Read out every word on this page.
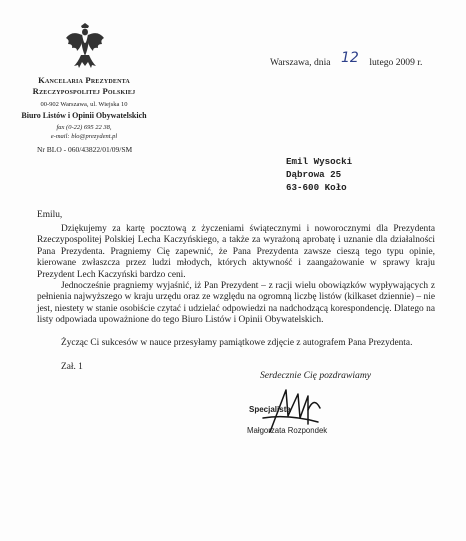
Kancelaria Prezydenta
Rzeczypospolitej Polskiej
00-902 Warszawa, ul. Wiejska 10
Biuro Listów i Opinii Obywatelskich
fax (0-22) 695 22 38,
e-mail: blo@prezydent.pl
Nr BLO - 060/43822/01/09/SM
Warszawa, dnia 12 lutego 2009 r.
Emil Wysocki
Dąbrowa 25
63-600 Koło
Emilu,
Dziękujemy za kartę pocztową z życzeniami świątecznymi i noworocznymi dla Prezydenta Rzeczypospolitej Polskiej Lecha Kaczyńskiego, a także za wyrażoną aprobatę i uznanie dla działalności Pana Prezydenta. Pragniemy Cię zapewnić, że Pana Prezydenta zawsze cieszą tego typu opinie, kierowane zwłaszcza przez ludzi młodych, których aktywność i zaangażowanie w sprawy kraju Prezydent Lech Kaczyński bardzo ceni.
Jednocześnie pragniemy wyjaśnić, iż Pan Prezydent – z racji wielu obowiązków wypływających z pełnienia najwyższego w kraju urzędu oraz ze względu na ogromną liczbę listów (kilkaset dziennie) – nie jest, niestety w stanie osobiście czytać i udzielać odpowiedzi na nadchodzącą korespondencję. Dlatego na listy odpowiada upoważnione do tego Biuro Listów i Opinii Obywatelskich.
Życząc Ci sukcesów w nauce przesyłamy pamiątkowe zdjęcie z autografem Pana Prezydenta.
Zał. 1
Serdecznie Cię pozdrawiamy
Specjalista
Małgorzata Rozpondek
